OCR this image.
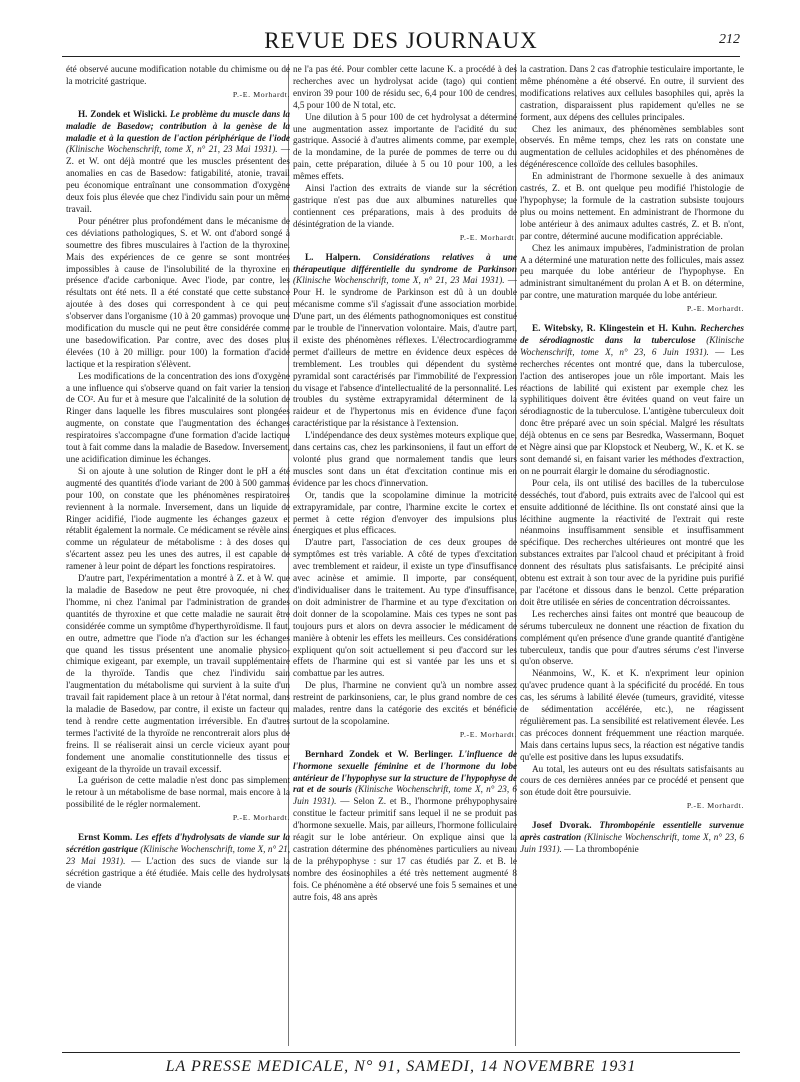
REVUE DES JOURNAUX	212

été observé aucune modification notable du chimisme ou de la motricité gastrique.

P.-E. Morhardt.

H. Zondek et Wislicki. Le problème du muscle dans la maladie de Basedow; contribution à la genèse de la maladie et à la question de l'action périphérique de l'iode (Klinische Wochenschrift, tome X, n° 21, 23 Mai 1931). — Z. et W. ont déjà montré que les muscles présentent des anomalies en cas de Basedow: fatigabilité, atonie, travail peu économique entraînant une consommation d'oxygène deux fois plus élevée que chez l'individu sain pour un même travail.

Pour pénétrer plus profondément dans le mécanisme de ces déviations pathologiques, S. et W. ont d'abord songé à soumettre des fibres musculaires à l'action de la thyroxine. Mais des expériences de ce genre se sont montrées impossibles à cause de l'insolubilité de la thyroxine en présence d'acide carbonique. Avec l'iode, par contre, les résultats ont été nets. Il a été constaté que cette substance ajoutée à des doses qui correspondent à ce qui peut s'observer dans l'organisme (10 à 20 gammas) provoque une modification du muscle qui ne peut être considérée comme une basedowification. Par contre, avec des doses plus élevées (10 à 20 milligr. pour 100) la formation d'acide lactique et la respiration s'élèvent.

Les modifications de la concentration des ions d'oxygène a une influence qui s'observe quand on fait varier la tension de CO². Au fur et à mesure que l'alcalinité de la solution de Ringer dans laquelle les fibres musculaires sont plongées augmente, on constate que l'augmentation des échanges respiratoires s'accompagne d'une formation d'acide lactique tout à fait comme dans la maladie de Basedow. Inversement, une acidification diminue les échanges.

Si on ajoute à une solution de Ringer dont le pH a été augmenté des quantités d'iode variant de 200 à 500 gammas pour 100, on constate que les phénomènes respiratoires reviennent à la normale. Inversement, dans un liquide de Ringer acidifié, l'iode augmente les échanges gazeux et rétablit également la normale. Ce médicament se révèle ainsi comme un régulateur de métabolisme : à des doses qui s'écartent assez peu les unes des autres, il est capable de ramener à leur point de départ les fonctions respiratoires.

D'autre part, l'expérimentation a montré à Z. et à W. que la maladie de Basedow ne peut être provoquée, ni chez l'homme, ni chez l'animal par l'administration de grandes quantités de thyroxine et que cette maladie ne saurait être considérée comme un symptôme d'hyperthyroïdisme. Il faut, en outre, admettre que l'iode n'a d'action sur les échanges que quand les tissus présentent une anomalie physico-chimique exigeant, par exemple, un travail supplémentaire de la thyroïde. Tandis que chez l'individu sain l'augmentation du métabolisme qui survient à la suite d'un travail fait rapidement place à un retour à l'état normal, dans la maladie de Basedow, par contre, il existe un facteur qui tend à rendre cette augmentation irréversible. En d'autres termes l'activité de la thyroïde ne rencontrerait alors plus de freins. Il se réaliserait ainsi un cercle vicieux ayant pour fondement une anomalie constitutionnelle des tissus et exigeant de la thyroïde un travail excessif.

La guérison de cette maladie n'est donc pas simplement le retour à un métabolisme de base normal, mais encore à la possibilité de le régler normalement.

P.-E. Morhardt.

Ernst Komm. Les effets d'hydrolysats de viande sur la sécrétion gastrique (Klinische Wochenschrift, tome X, n° 21, 23 Mai 1931). — L'action des sucs de viande sur la sécrétion gastrique a été étudiée. Mais celle des hydrolysats de viande

ne l'a pas été. Pour combler cette lacune K. a procédé à des recherches avec un hydrolysat acide (tago) qui contient environ 39 pour 100 de résidu sec, 6,4 pour 100 de cendres, 4,5 pour 100 de N total, etc.

Une dilution à 5 pour 100 de cet hydrolysat a déterminé une augmentation assez importante de l'acidité du suc gastrique. Associé à d'autres aliments comme, par exemple, de la mondamine, de la purée de pommes de terre ou du pain, cette préparation, diluée à 5 ou 10 pour 100, a les mêmes effets.

Ainsi l'action des extraits de viande sur la sécrétion gastrique n'est pas due aux albumines naturelles que contiennent ces préparations, mais à des produits de désintégration de la viande.

P.-E. Morhardt.

L. Halpern. Considérations relatives à une thérapeutique différentielle du syndrome de Parkinson (Klinische Wochenschrift, tome X, n° 21, 23 Mai 1931). — Pour H. le syndrome de Parkinson est dû à un double mécanisme comme s'il s'agissait d'une association morbide. D'une part, un des éléments pathognomoniques est constitué par le trouble de l'innervation volontaire. Mais, d'autre part, il existe des phénomènes réflexes. L'électrocardiogramme permet d'ailleurs de mettre en évidence deux espèces de tremblement. Les troubles qui dépendent du système pyramidal sont caractérisés par l'immobilité de l'expression du visage et l'absence d'intellectualité de la personnalité. Les troubles du système extrapyramidal déterminent de la raideur et de l'hypertonus mis en évidence d'une façon caractéristique par la résistance à l'extension.

L'indépendance des deux systèmes moteurs explique que, dans certains cas, chez les parkinsoniens, il faut un effort de volonté plus grand que normalement tandis que leurs muscles sont dans un état d'excitation continue mis en évidence par les chocs d'innervation.

Or, tandis que la scopolamine diminue la motricité extrapyramidale, par contre, l'harmine excite le cortex et permet à cette région d'envoyer des impulsions plus énergiques et plus efficaces.

D'autre part, l'association de ces deux groupes de symptômes est très variable. A côté de types d'excitation avec tremblement et raideur, il existe un type d'insuffisance avec acinèse et amimie. Il importe, par conséquent, d'individualiser dans le traitement. Au type d'insuffisance, on doit administrer de l'harmine et au type d'excitation on doit donner de la scopolamine. Mais ces types ne sont pas toujours purs et alors on devra associer le médicament de manière à obtenir les effets les meilleurs. Ces considérations expliquent qu'on soit actuellement si peu d'accord sur les effets de l'harmine qui est si vantée par les uns et si combattue par les autres.

De plus, l'harmine ne convient qu'à un nombre assez restreint de parkinsoniens, car, le plus grand nombre de ces malades, rentre dans la catégorie des excités et bénéficie surtout de la scopolamine.

P.-E. Morhardt.

Bernhard Zondek et W. Berlinger. L'influence de l'hormone sexuelle féminine et de l'hormone du lobe antérieur de l'hypophyse sur la structure de l'hypophyse de rat et de souris (Klinische Wochenschrift, tome X, n° 23, 6 Juin 1931). — Selon Z. et B., l'hormone préhypophysaire constitue le facteur primitif sans lequel il ne se produit pas d'hormone sexuelle. Mais, par ailleurs, l'hormone folliculaire réagit sur le lobe antérieur. On explique ainsi que la castration détermine des phénomènes particuliers au niveau de la préhypophyse : sur 17 cas étudiés par Z. et B. le nombre des éosinophiles a été très nettement augmenté 8 fois. Ce phénomène a été observé une fois 5 semaines et une autre fois, 48 ans après

la castration. Dans 2 cas d'atrophie testiculaire importante, le même phénomène a été observé. En outre, il survient des modifications relatives aux cellules basophiles qui, après la castration, disparaissent plus rapidement qu'elles ne se forment, aux dépens des cellules principales.

Chez les animaux, des phénomènes semblables sont observés. En même temps, chez les rats on constate une augmentation de cellules acidophiles et des phénomènes de dégénérescence colloïde des cellules basophiles.

En administrant de l'hormone sexuelle à des animaux castrés, Z. et B. ont quelque peu modifié l'histologie de l'hypophyse; la formule de la castration subsiste toujours plus ou moins nettement. En administrant de l'hormone du lobe antérieur à des animaux adultes castrés, Z. et B. n'ont, par contre, déterminé aucune modification appréciable.

Chez les animaux impubères, l'administration de prolan A a déterminé une maturation nette des follicules, mais assez peu marquée du lobe antérieur de l'hypophyse. En administrant simultanément du prolan A et B. on détermine, par contre, une maturation marquée du lobe antérieur.

P.-E. Morhardt.

E. Witebsky, R. Klingestein et H. Kuhn. Recherches de sérodiagnostic dans la tuberculose (Klinische Wochenschrift, tome X, n° 23, 6 Juin 1931). — Les recherches récentes ont montré que, dans la tuberculose, l'action des antiseropes joue un rôle important. Mais les réactions de labilité qui existent par exemple chez les syphilitiques doivent être évitées quand on veut faire un sérodiagnostic de la tuberculose. L'antigène tuberculeux doit donc être préparé avec un soin spécial. Malgré les résultats déjà obtenus en ce sens par Besredka, Wassermann, Boquet et Nègre ainsi que par Klopstock et Neuberg, W., K. et K. se sont demandé si, en faisant varier les méthodes d'extraction, on ne pourrait élargir le domaine du sérodiagnostic.

Pour cela, ils ont utilisé des bacilles de la tuberculose desséchés, tout d'abord, puis extraits avec de l'alcool qui est ensuite additionné de lécithine. Ils ont constaté ainsi que la lécithine augmente la réactivité de l'extrait qui reste néanmoins insuffisamment sensible et insuffisamment spécifique. Des recherches ultérieures ont montré que les substances extraites par l'alcool chaud et précipitant à froid donnent des résultats plus satisfaisants. Le précipité ainsi obtenu est extrait à son tour avec de la pyridine puis purifié par l'acétone et dissous dans le benzol. Cette préparation doit être utilisée en séries de concentration décroissantes.

Les recherches ainsi faites ont montré que beaucoup de sérums tuberculeux ne donnent une réaction de fixation du complément qu'en présence d'une grande quantité d'antigène tuberculeux, tandis que pour d'autres sérums c'est l'inverse qu'on observe.

Néanmoins, W., K. et K. n'expriment leur opinion qu'avec prudence quant à la spécificité du procédé. En tous cas, les sérums à labilité élevée (tumeurs, gravidité, vitesse de sédimentation accélérée, etc.), ne réagissent régulièrement pas. La sensibilité est relativement élevée. Les cas précoces donnent fréquemment une réaction marquée. Mais dans certains lupus secs, la réaction est négative tandis qu'elle est positive dans les lupus exsudatifs.

Au total, les auteurs ont eu des résultats satisfaisants au cours de ces dernières années par ce procédé et pensent que son étude doit être poursuivie.

P.-E. Morhardt.

Josef Dvorak. Thrombopénie essentielle survenue après castration (Klinische Wochenschrift, tome X, n° 23, 6 Juin 1931). — La thrombopénie

LA PRESSE MEDICALE, N° 91, SAMEDI, 14 NOVEMBRE 1931
